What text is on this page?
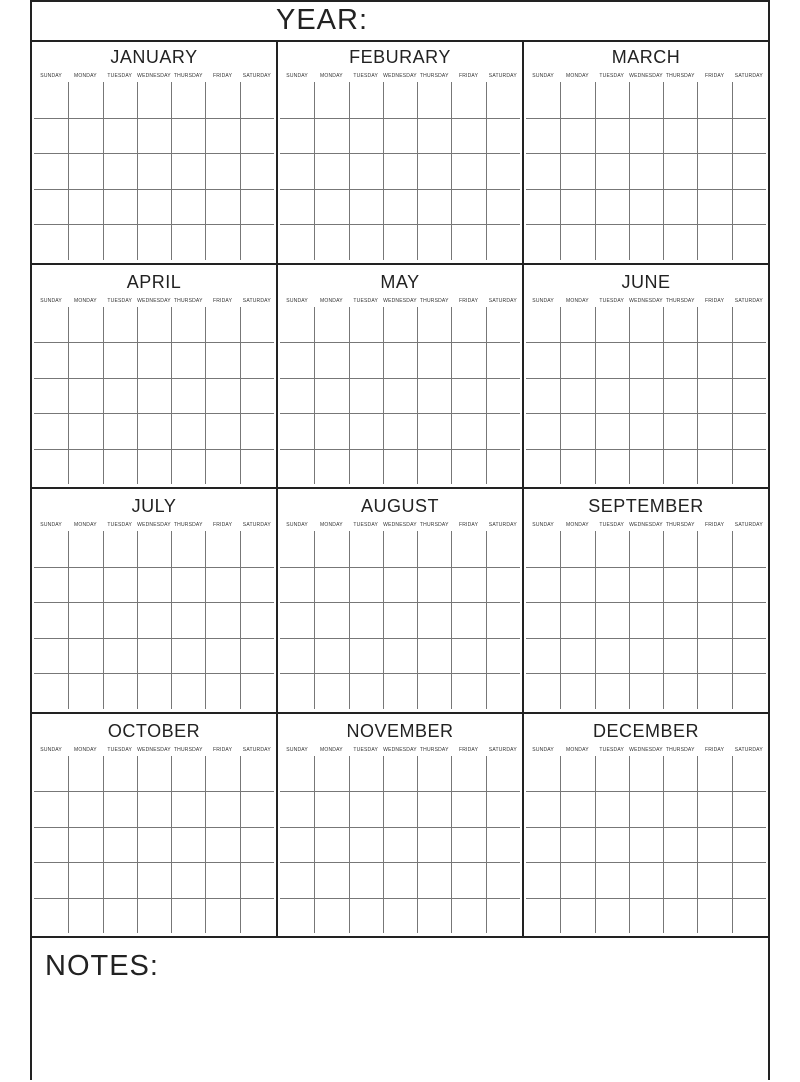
YEAR:
JANUARY
SUNDAY	MONDAY	TUESDAY	WEDNESDAY THURSDAY	FRIDAY	SATURDAY
FEBURARY
SUNDAY	MONDAY	TUESDAY	WEDNESDAY THURSDAY	FRIDAY	SATURDAY
MARCH
SUNDAY	MONDAY	TUESDAY	WEDNESDAY THURSDAY	FRIDAY	SATURDAY
APRIL
SUNDAY	MONDAY	TUESDAY	WEDNESDAY THURSDAY	FRIDAY	SATURDAY
MAY
SUNDAY	MONDAY	TUESDAY	WEDNESDAY THURSDAY	FRIDAY	SATURDAY
JUNE
SUNDAY	MONDAY	TUESDAY	WEDNESDAY THURSDAY	FRIDAY	SATURDAY
JULY
SUNDAY	MONDAY	TUESDAY	WEDNESDAY THURSDAY	FRIDAY	SATURDAY
AUGUST
SUNDAY	MONDAY	TUESDAY	WEDNESDAY THURSDAY	FRIDAY	SATURDAY
SEPTEMBER
SUNDAY	MONDAY	TUESDAY	WEDNESDAY THURSDAY	FRIDAY	SATURDAY
OCTOBER
SUNDAY	MONDAY	TUESDAY	WEDNESDAY THURSDAY	FRIDAY	SATURDAY
NOVEMBER
SUNDAY	MONDAY	TUESDAY	WEDNESDAY THURSDAY	FRIDAY	SATURDAY
DECEMBER
SUNDAY	MONDAY	TUESDAY	WEDNESDAY THURSDAY	FRIDAY	SATURDAY
NOTES:
